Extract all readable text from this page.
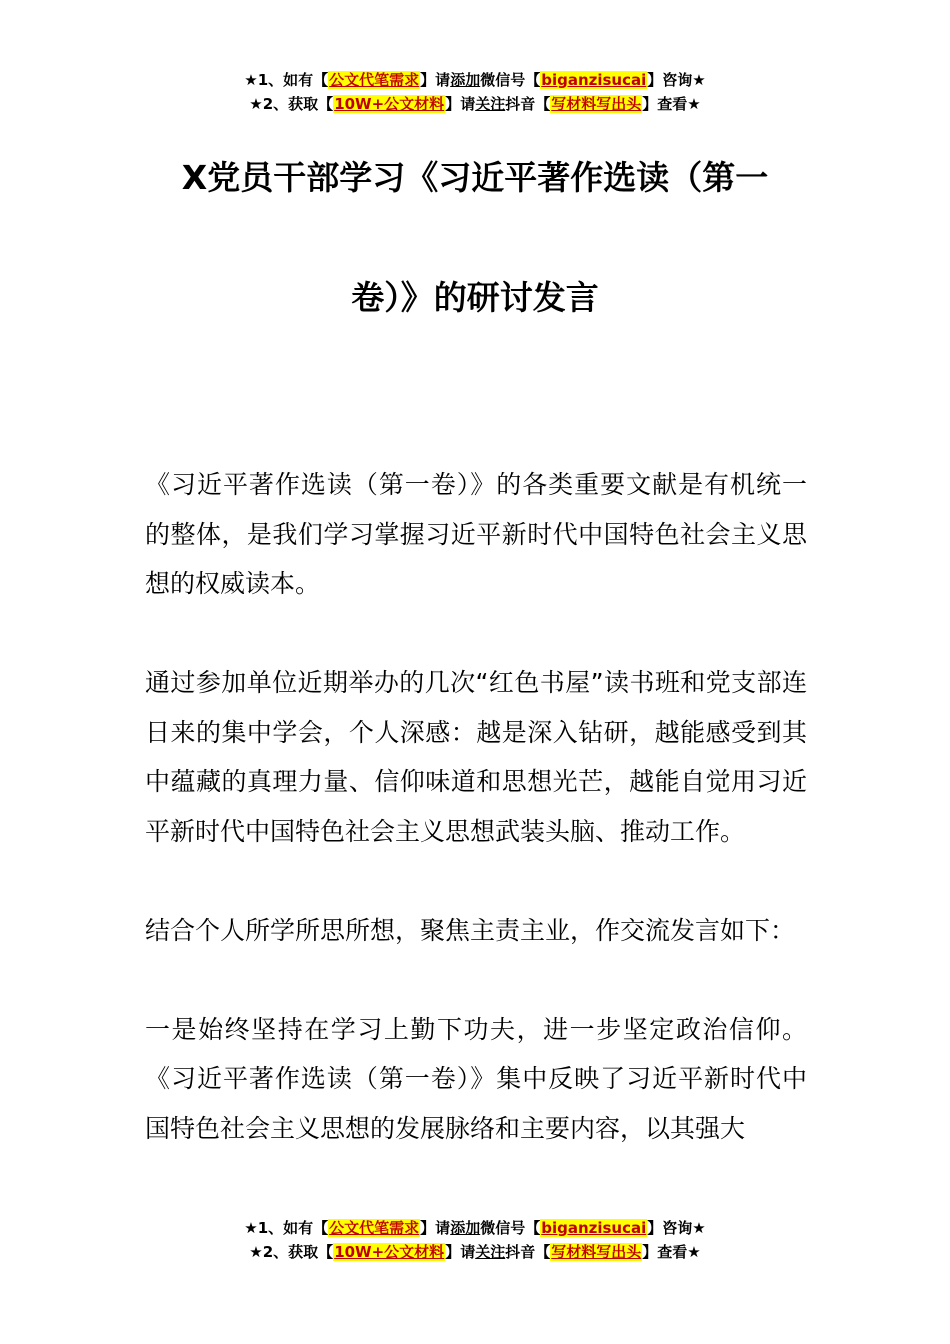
★1、如有【公文代笔需求】请添加微信号【biganzisucai】咨询★
★2、获取【10W+公文材料】请关注抖音【写材料写出头】查看★
X党员干部学习《习近平著作选读（第一
卷）》的研讨发言

《习近平著作选读（第一卷）》的各类重要文献是有机统一的整体，是我们学习掌握习近平新时代中国特色社会主义思想的权威读本。

通过参加单位近期举办的几次“红色书屋”读书班和党支部连日来的集中学会，个人深感：越是深入钻研，越能感受到其中蕴藏的真理力量、信仰味道和思想光芒，越能自觉用习近平新时代中国特色社会主义思想武装头脑、推动工作。

结合个人所学所思所想，聚焦主责主业，作交流发言如下：

一是始终坚持在学习上勤下功夫，进一步坚定政治信仰。《习近平著作选读（第一卷）》集中反映了习近平新时代中国特色社会主义思想的发展脉络和主要内容，以其强大

★1、如有【公文代笔需求】请添加微信号【biganzisucai】咨询★
★2、获取【10W+公文材料】请关注抖音【写材料写出头】查看★
